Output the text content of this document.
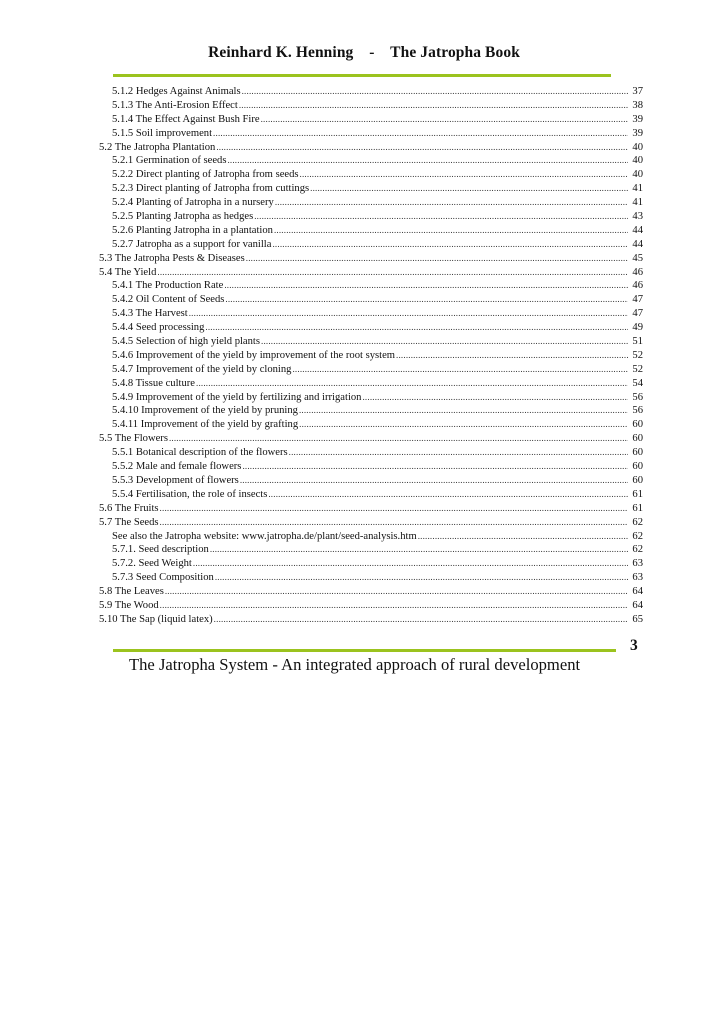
Reinhard K. Henning    -    The Jatropha Book
5.1.2 Hedges Against Animals .....	37
5.1.3 The Anti-Erosion Effect .....	38
5.1.4 The Effect Against Bush Fire .....	39
5.1.5 Soil improvement .....	39
5.2 The Jatropha Plantation .....	40
5.2.1 Germination of seeds .....	40
5.2.2 Direct planting of Jatropha from seeds .....	40
5.2.3 Direct planting of Jatropha from cuttings .....	41
5.2.4 Planting of Jatropha in a nursery .....	41
5.2.5 Planting Jatropha as hedges .....	43
5.2.6 Planting Jatropha in a plantation .....	44
5.2.7 Jatropha as a support for vanilla .....	44
5.3 The Jatropha Pests & Diseases .....	45
5.4 The Yield .....	46
5.4.1 The Production Rate .....	46
5.4.2 Oil Content of Seeds .....	47
5.4.3 The Harvest .....	47
5.4.4 Seed processing .....	49
5.4.5 Selection of high yield plants .....	51
5.4.6 Improvement of the yield by improvement of the root system .....	52
5.4.7 Improvement of the yield by cloning .....	52
5.4.8 Tissue culture .....	54
5.4.9 Improvement of the yield by fertilizing and irrigation .....	56
5.4.10 Improvement of the yield by pruning .....	56
5.4.11 Improvement of the yield by grafting .....	60
5.5 The Flowers .....	60
5.5.1 Botanical description of the flowers .....	60
5.5.2 Male and female flowers .....	60
5.5.3 Development of flowers .....	60
5.5.4 Fertilisation, the role of insects .....	61
5.6 The Fruits .....	61
5.7 The Seeds .....	62
See also the Jatropha website: www.jatropha.de/plant/seed-analysis.htm .....	62
5.7.1. Seed description .....	62
5.7.2. Seed Weight .....	63
5.7.3 Seed Composition .....	63
5.8 The Leaves .....	64
5.9 The Wood .....	64
5.10 The Sap (liquid latex) .....	65
3
The Jatropha System - An integrated approach of rural development
